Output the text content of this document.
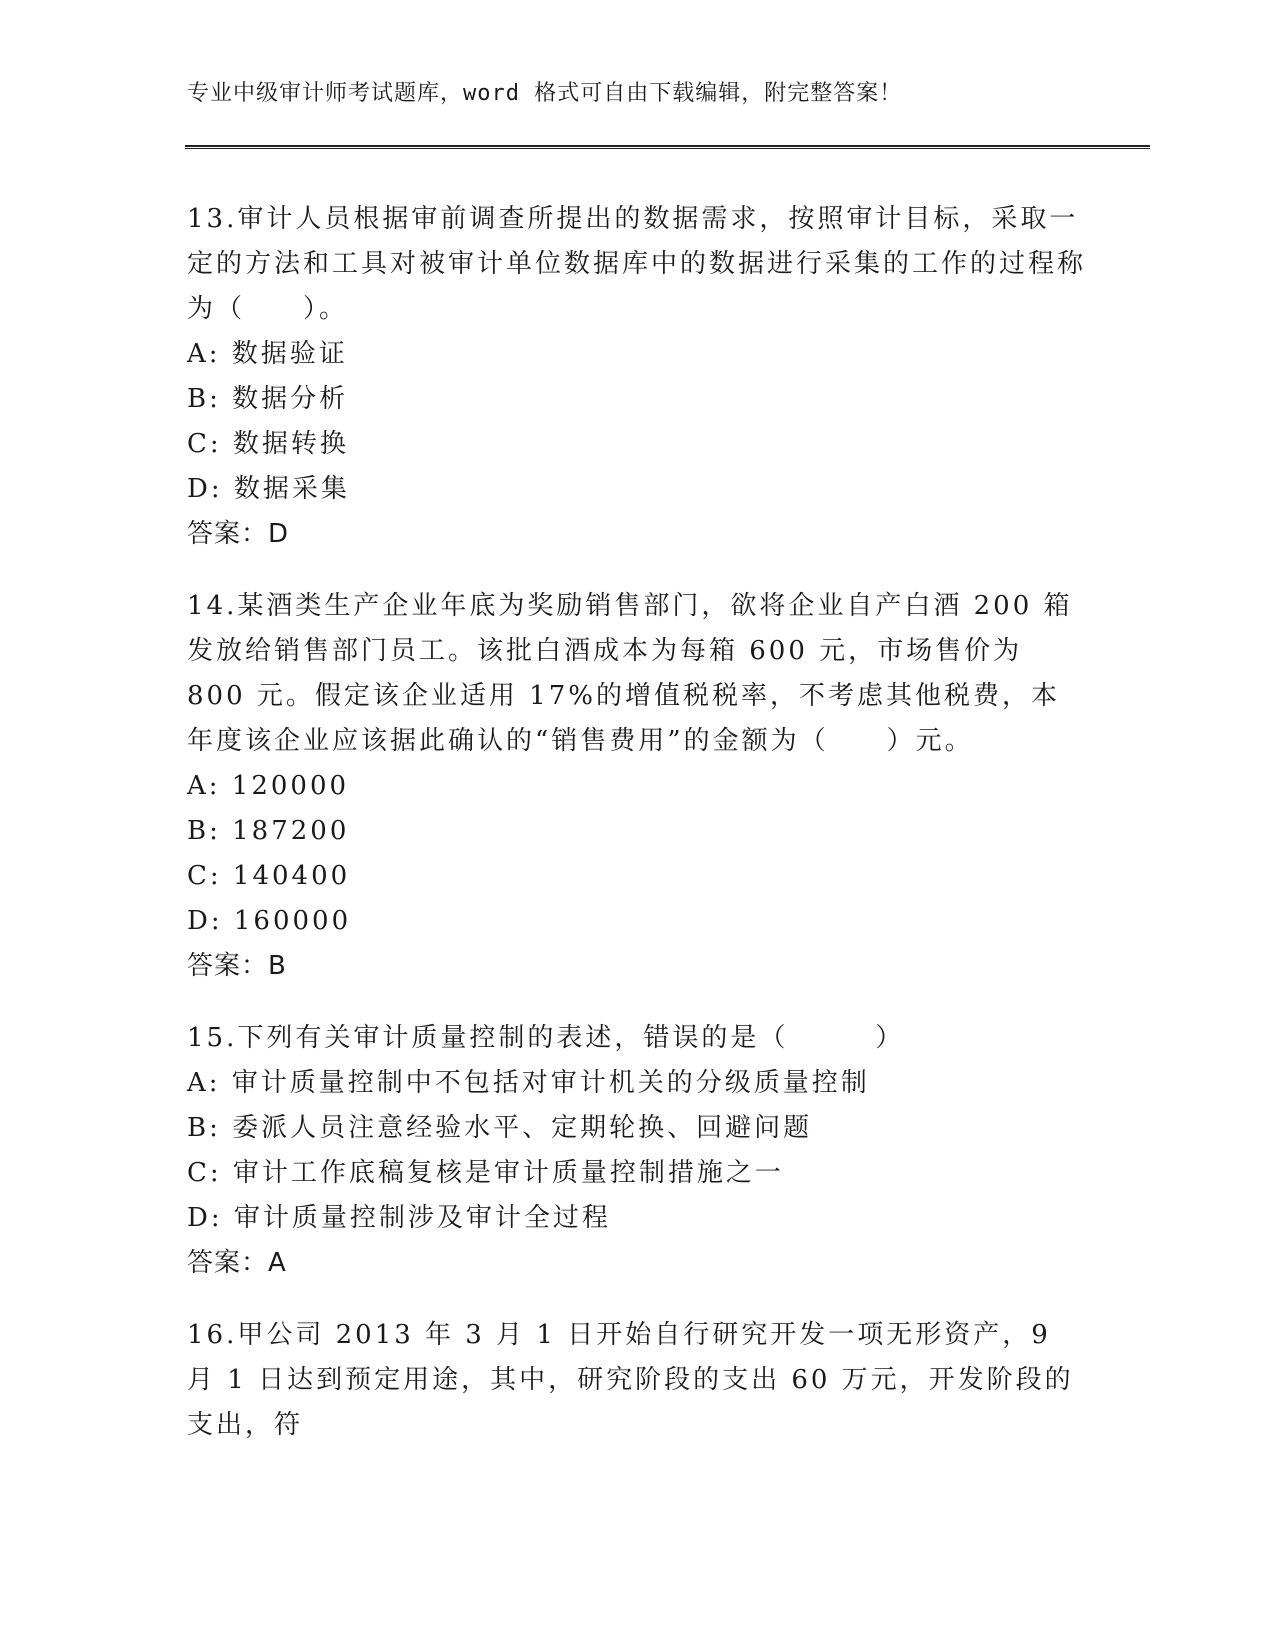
专业中级审计师考试题库，word 格式可自由下载编辑，附完整答案！

13.审计人员根据审前调查所提出的数据需求，按照审计目标，采取一定的方法和工具对被审计单位数据库中的数据进行采集的工作的过程称为（　　）。

A: 数据验证

B: 数据分析

C: 数据转换

D: 数据采集

答案：D

14.某酒类生产企业年底为奖励销售部门，欲将企业自产白酒 200 箱发放给销售部门员工。该批白酒成本为每箱 600 元，市场售价为 800 元。假定该企业适用 17%的增值税税率，不考虑其他税费，本年度该企业应该据此确认的“销售费用”的金额为（　　）元。

A: 120000

B: 187200

C: 140400

D: 160000

答案：B

15.下列有关审计质量控制的表述，错误的是（　　　）

A: 审计质量控制中不包括对审计机关的分级质量控制

B: 委派人员注意经验水平、定期轮换、回避问题

C: 审计工作底稿复核是审计质量控制措施之一

D: 审计质量控制涉及审计全过程

答案：A

16.甲公司 2013 年 3 月 1 日开始自行研究开发一项无形资产，9 月 1 日达到预定用途，其中，研究阶段的支出 60 万元，开发阶段的支出，符
